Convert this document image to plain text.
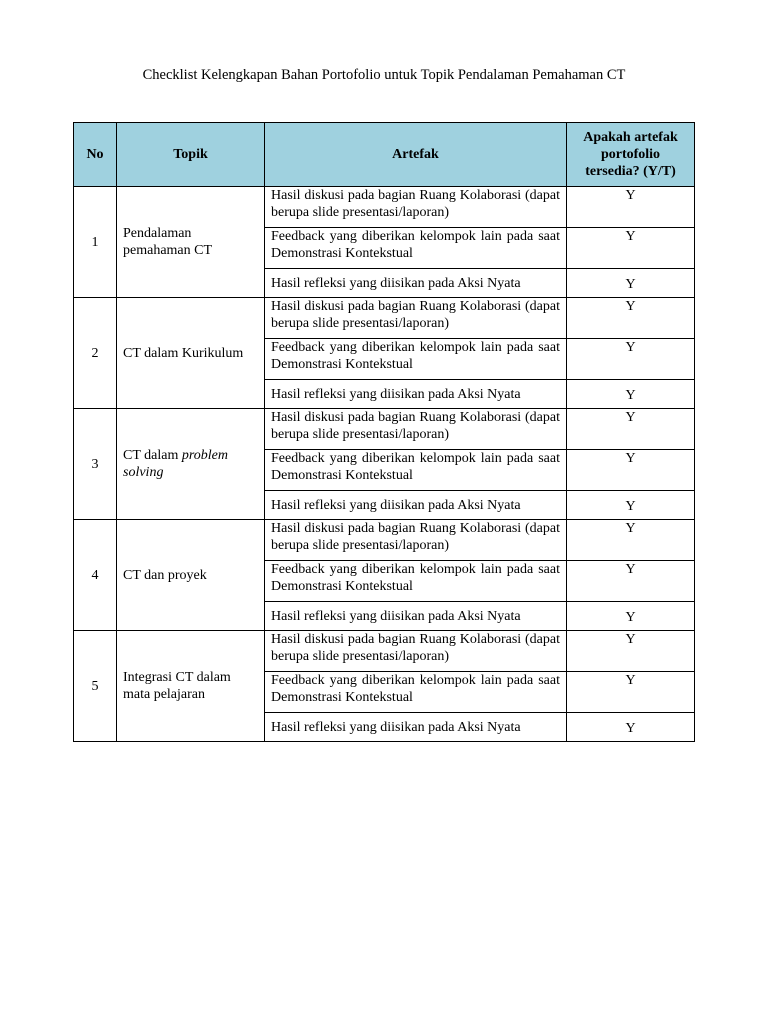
Checklist Kelengkapan Bahan Portofolio untuk Topik Pendalaman Pemahaman CT
No	Topik	Artefak	Apakah artefak portofolio tersedia? (Y/T)
1	Pendalaman pemahaman CT	Hasil diskusi pada bagian Ruang Kolaborasi (dapat berupa slide presentasi/laporan)	Y
		Feedback yang diberikan kelompok lain pada saat Demonstrasi Kontekstual	Y
		Hasil refleksi yang diisikan pada Aksi Nyata	Y
2	CT dalam Kurikulum	Hasil diskusi pada bagian Ruang Kolaborasi (dapat berupa slide presentasi/laporan)	Y
		Feedback yang diberikan kelompok lain pada saat Demonstrasi Kontekstual	Y
		Hasil refleksi yang diisikan pada Aksi Nyata	Y
3	CT dalam problem solving	Hasil diskusi pada bagian Ruang Kolaborasi (dapat berupa slide presentasi/laporan)	Y
		Feedback yang diberikan kelompok lain pada saat Demonstrasi Kontekstual	Y
		Hasil refleksi yang diisikan pada Aksi Nyata	Y
4	CT dan proyek	Hasil diskusi pada bagian Ruang Kolaborasi (dapat berupa slide presentasi/laporan)	Y
		Feedback yang diberikan kelompok lain pada saat Demonstrasi Kontekstual	Y
		Hasil refleksi yang diisikan pada Aksi Nyata	Y
5	Integrasi CT dalam mata pelajaran	Hasil diskusi pada bagian Ruang Kolaborasi (dapat berupa slide presentasi/laporan)	Y
		Feedback yang diberikan kelompok lain pada saat Demonstrasi Kontekstual	Y
		Hasil refleksi yang diisikan pada Aksi Nyata	Y
